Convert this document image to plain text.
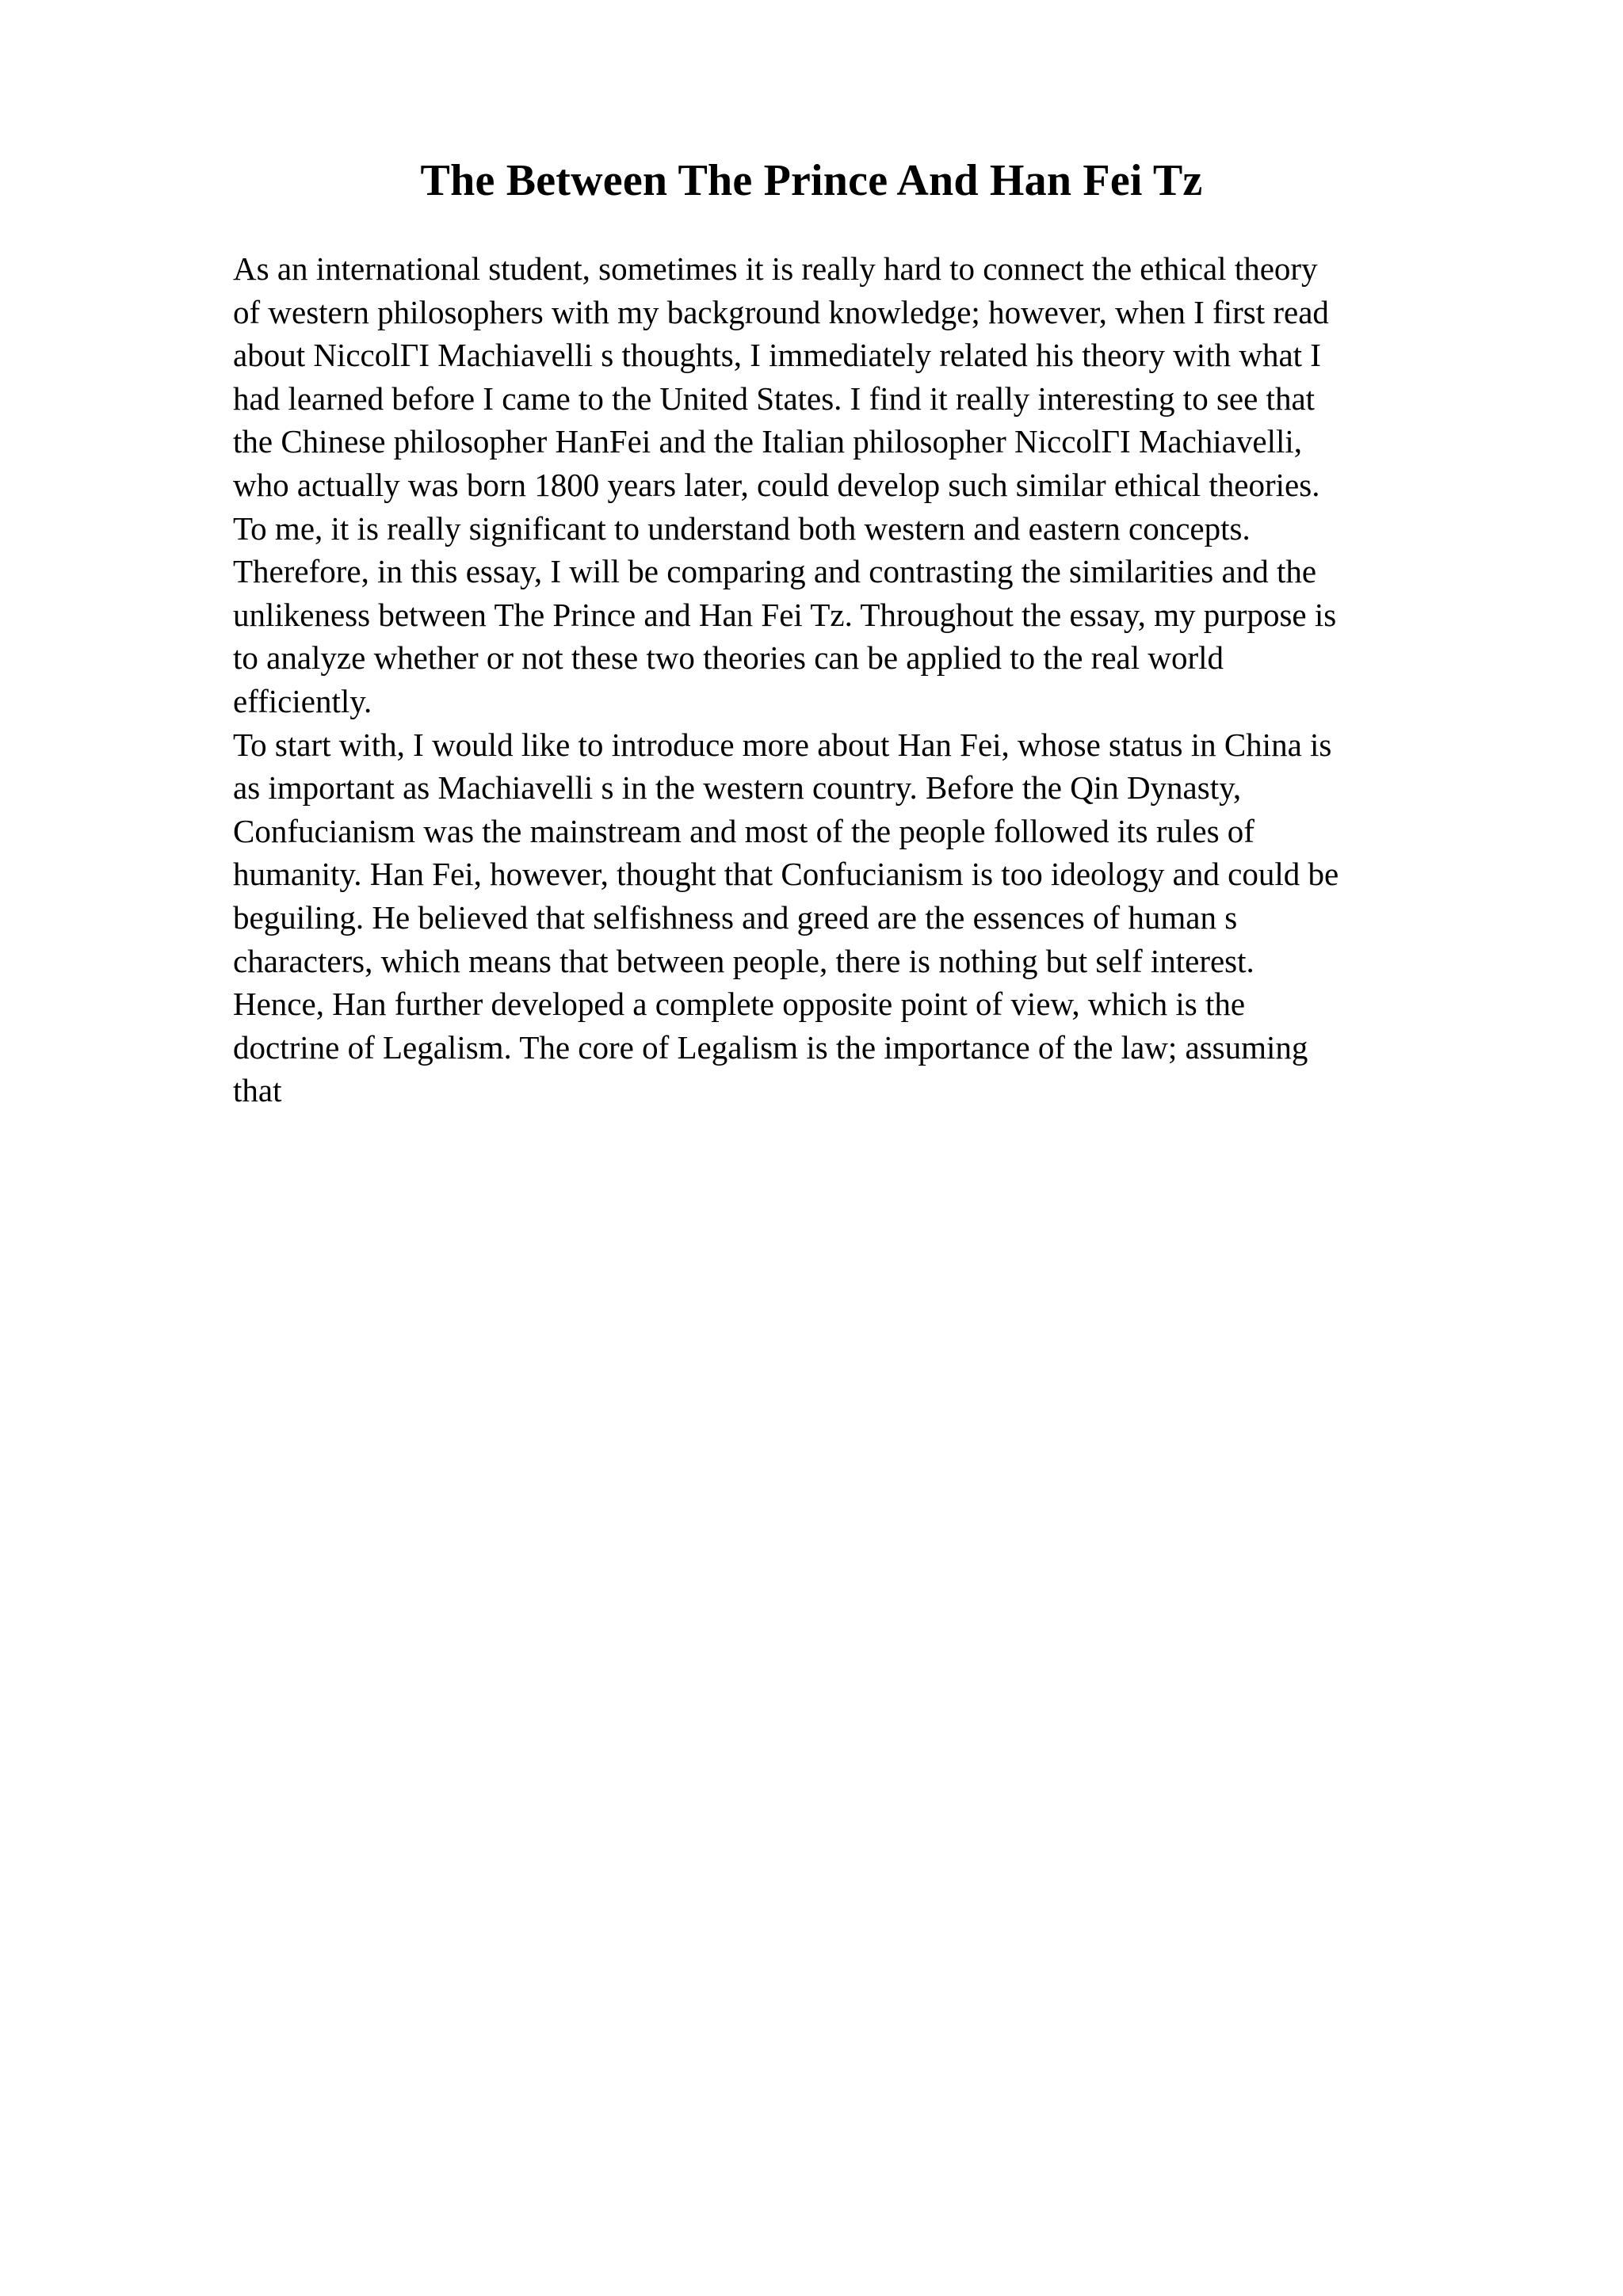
The Between The Prince And Han Fei Tz
As an international student, sometimes it is really hard to connect the ethical theory
of western philosophers with my background knowledge; however, when I first read
about NiccolΓI Machiavelli s thoughts, I immediately related his theory with what I
had learned before I came to the United States. I find it really interesting to see that
the Chinese philosopher HanFei and the Italian philosopher NiccolΓI Machiavelli,
who actually was born 1800 years later, could develop such similar ethical theories.
To me, it is really significant to understand both western and eastern concepts.
Therefore, in this essay, I will be comparing and contrasting the similarities and the
unlikeness between The Prince and Han Fei Tz. Throughout the essay, my purpose is
to analyze whether or not these two theories can be applied to the real world
efficiently.
To start with, I would like to introduce more about Han Fei, whose status in China is
as important as Machiavelli s in the western country. Before the Qin Dynasty,
Confucianism was the mainstream and most of the people followed its rules of
humanity. Han Fei, however, thought that Confucianism is too ideology and could be
beguiling. He believed that selfishness and greed are the essences of human s
characters, which means that between people, there is nothing but self interest.
Hence, Han further developed a complete opposite point of view, which is the
doctrine of Legalism. The core of Legalism is the importance of the law; assuming
that
